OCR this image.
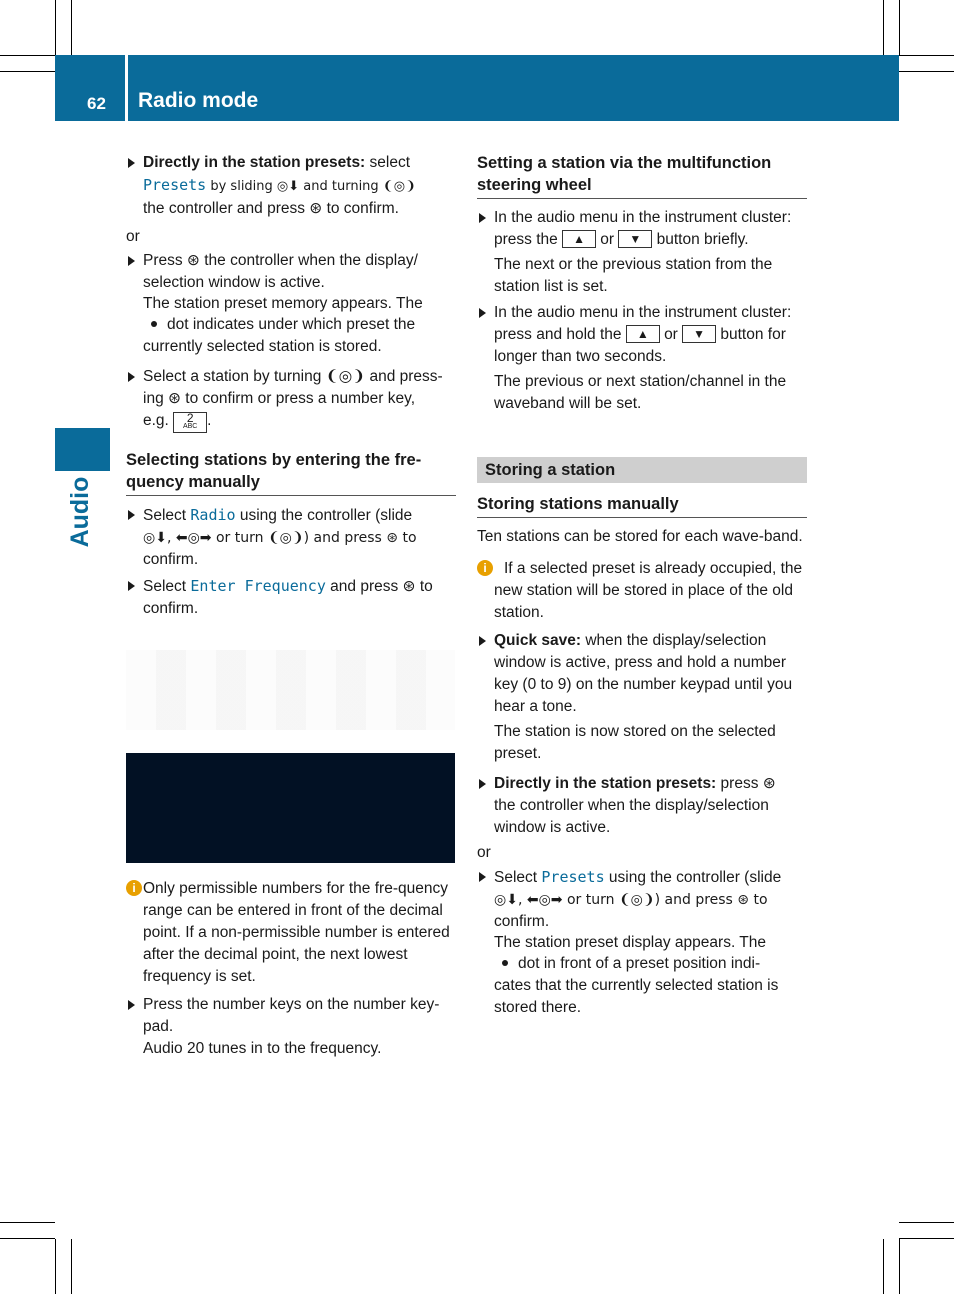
62 Radio mode
Audio

Directly in the station presets: select

Presets by sliding ◎⬇ and turning ❨◎❩

the controller and press ⊛ to confirm.

or

Press ⊛ the controller when the display/

selection window is active.

The station preset memory appears. The

dot indicates under which preset the

currently selected station is stored.

Select a station by turning ❨◎❩ and press-

ing ⊛ to confirm or press a number key,

e.g. 2
ABC .

Selecting stations by entering the fre-quency manually

Select Radio using the controller (slide

◎⬇, ⬅◎➡ or turn ❨◎❩) and press ⊛ to

confirm.

Select Enter Frequency and press ⊛ to

confirm.

i Only permissible numbers for the fre-quency range can be entered in front of the decimal point. If a non-permissible number is entered after the decimal point, the next lowest frequency is set.

Press the number keys on the number key-

pad.

Audio 20 tunes in to the frequency.

Setting a station via the multifunction steering wheel

In the audio menu in the instrument cluster:

press the ▲ or ▼ button briefly.

The next or the previous station from the station list is set.

In the audio menu in the instrument cluster:

press and hold the ▲ or ▼ button for

longer than two seconds.

The previous or next station/channel in the waveband will be set.

Storing a station
Storing stations manually

Ten stations can be stored for each wave-band.

i	If a selected preset is already occupied, the new station will be stored in place of the old station.

Quick save: when the display/selection window is active, press and hold a number key (0 to 9) on the number keypad until you hear a tone.

The station is now stored on the selected preset.

Directly in the station presets: press ⊛

the controller when the display/selection

window is active.

or

Select Presets using the controller (slide

◎⬇, ⬅◎➡ or turn ❨◎❩) and press ⊛ to

confirm.

The station preset display appears. The

dot in front of a preset position indi-

cates that the currently selected station is

stored there.
